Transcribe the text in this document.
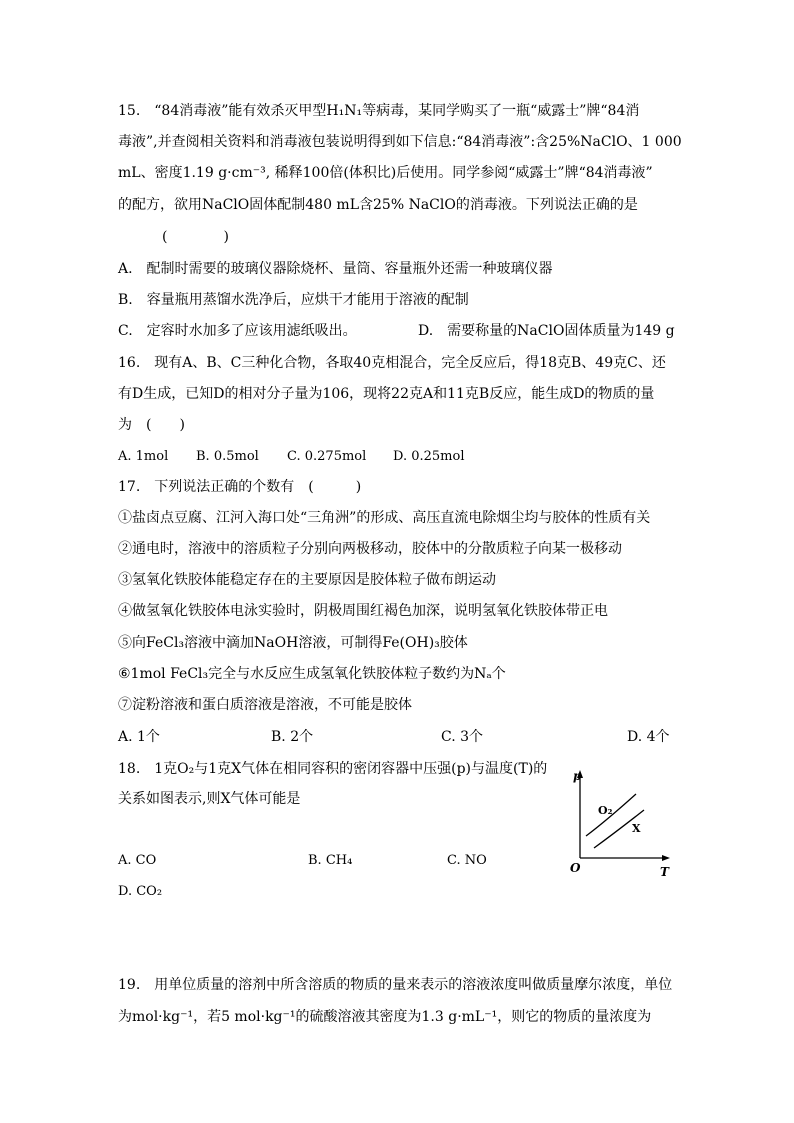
15.　“84消毒液”能有效杀灭甲型H₁N₁等病毒，某同学购买了一瓶“威露士”牌“84消
毒液”,并查阅相关资料和消毒液包装说明得到如下信息:“84消毒液”:含25%NaClO、1 000
mL、密度1.19 g·cm⁻³, 稀释100倍(体积比)后使用。同学参阅“威露士”牌“84消毒液”
的配方，欲用NaClO固体配制480 mL含25% NaClO的消毒液。下列说法正确的是
(　　　　)
A.　配制时需要的玻璃仪器除烧杯、量筒、容量瓶外还需一种玻璃仪器
B.　容量瓶用蒸馏水洗净后，应烘干才能用于溶液的配制
C.　定容时水加多了应该用滤纸吸出。	D.　需要称量的NaClO固体质量为149 g
16.　现有A、B、C三种化合物，各取40克相混合，完全反应后，得18克B、49克C、还
有D生成，已知D的相对分子量为106，现将22克A和11克B反应，能生成D的物质的量
为　(　　)
A. 1mol B. 0.5mol C. 0.275mol D. 0.25mol
17.　下列说法正确的个数有　(　　　)
①盐卤点豆腐、江河入海口处“三角洲”的形成、高压直流电除烟尘均与胶体的性质有关
②通电时，溶液中的溶质粒子分别向两极移动，胶体中的分散质粒子向某一极移动
③氢氧化铁胶体能稳定存在的主要原因是胶体粒子做布朗运动
④做氢氧化铁胶体电泳实验时，阴极周围红褐色加深，说明氢氧化铁胶体带正电
⑤向FeCl₃溶液中滴加NaOH溶液，可制得Fe(OH)₃胶体
⑥1mol FeCl₃完全与水反应生成氢氧化铁胶体粒子数约为Nₐ个
⑦淀粉溶液和蛋白质溶液是溶液，不可能是胶体
A. 1个	B. 2个	C. 3个	D. 4个
18.　1克O₂与1克X气体在相同容积的密闭容器中压强(p)与温度(T)的
关系如图表示,则X气体可能是
A. CO	B. CH₄	C. NO
D. CO₂
p
T
O
O₂
X
19.　用单位质量的溶剂中所含溶质的物质的量来表示的溶液浓度叫做质量摩尔浓度，单位
为mol·kg⁻¹，若5 mol·kg⁻¹的硫酸溶液其密度为1.3 g·mL⁻¹，则它的物质的量浓度为
